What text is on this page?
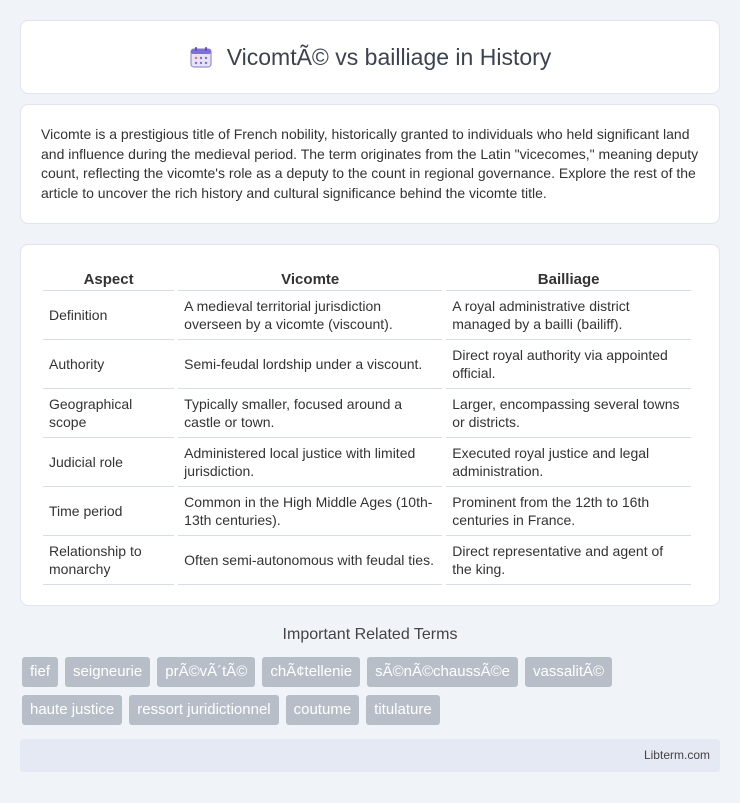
VicomtÃ© vs bailliage in History

Vicomte is a prestigious title of French nobility, historically granted to individuals who held significant land and influence during the medieval period. The term originates from the Latin "vicecomes," meaning deputy count, reflecting the vicomte's role as a deputy to the count in regional governance. Explore the rest of the article to uncover the rich history and cultural significance behind the vicomte title.

Aspect	Vicomte	Bailliage
Definition	A medieval territorial jurisdiction overseen by a vicomte (viscount).	A royal administrative district managed by a bailli (bailiff).
Authority	Semi-feudal lordship under a viscount.	Direct royal authority via appointed official.
Geographical scope	Typically smaller, focused around a castle or town.	Larger, encompassing several towns or districts.
Judicial role	Administered local justice with limited jurisdiction.	Executed royal justice and legal administration.
Time period	Common in the High Middle Ages (10th-13th centuries).	Prominent from the 12th to 16th centuries in France.
Relationship to monarchy	Often semi-autonomous with feudal ties.	Direct representative and agent of the king.
Important Related Terms
fief	seigneurie	prÃ©vÃ´tÃ©	chÃ¢tellenie	sÃ©nÃ©chaussÃ©e	vassalitÃ©
haute justice	ressort juridictionnel	coutume	titulature
Libterm.com
